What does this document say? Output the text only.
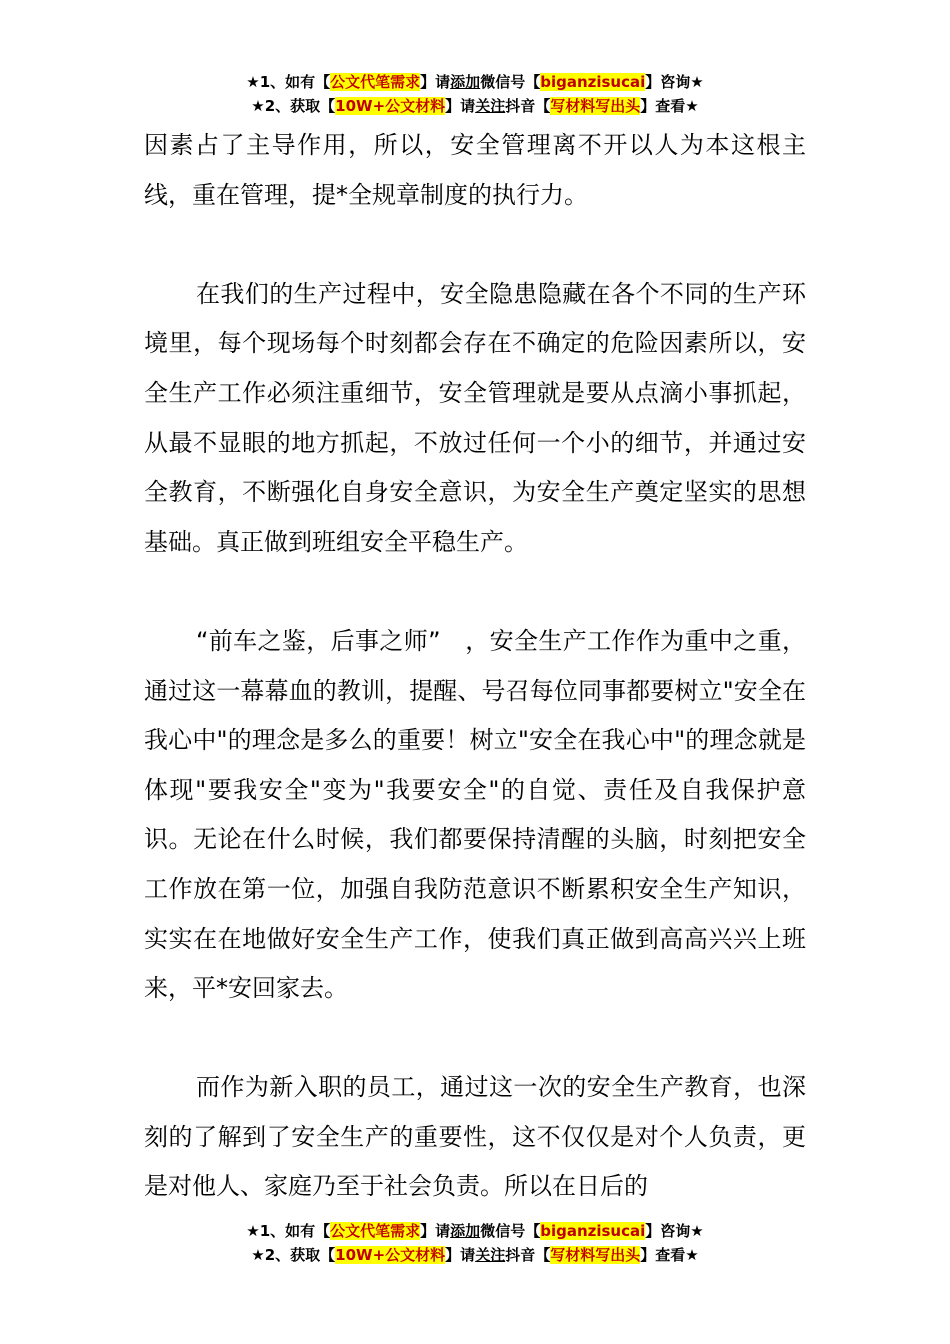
★1、如有【公文代笔需求】请添加微信号【biganzisucai】咨询★
★2、获取【10W+公文材料】请关注抖音【写材料写出头】查看★

因素占了主导作用，所以，安全管理离不开以人为本这根主线，重在管理，提*全规章制度的执行力。

在我们的生产过程中，安全隐患隐藏在各个不同的生产环境里，每个现场每个时刻都会存在不确定的危险因素所以，安全生产工作必须注重细节，安全管理就是要从点滴小事抓起，从最不显眼的地方抓起，不放过任何一个小的细节，并通过安全教育，不断强化自身安全意识，为安全生产奠定坚实的思想基础。真正做到班组安全平稳生产。

“前车之鉴，后事之师”　，安全生产工作作为重中之重，通过这一幕幕血的教训，提醒、号召每位同事都要树立"安全在我心中"的理念是多么的重要！树立"安全在我心中"的理念就是体现"要我安全"变为"我要安全"的自觉、责任及自我保护意识。无论在什么时候，我们都要保持清醒的头脑，时刻把安全工作放在第一位，加强自我防范意识不断累积安全生产知识，实实在在地做好安全生产工作，使我们真正做到高高兴兴上班来，平*安回家去。

而作为新入职的员工，通过这一次的安全生产教育，也深刻的了解到了安全生产的重要性，这不仅仅是对个人负责，更是对他人、家庭乃至于社会负责。所以在日后的

★1、如有【公文代笔需求】请添加微信号【biganzisucai】咨询★
★2、获取【10W+公文材料】请关注抖音【写材料写出头】查看★
